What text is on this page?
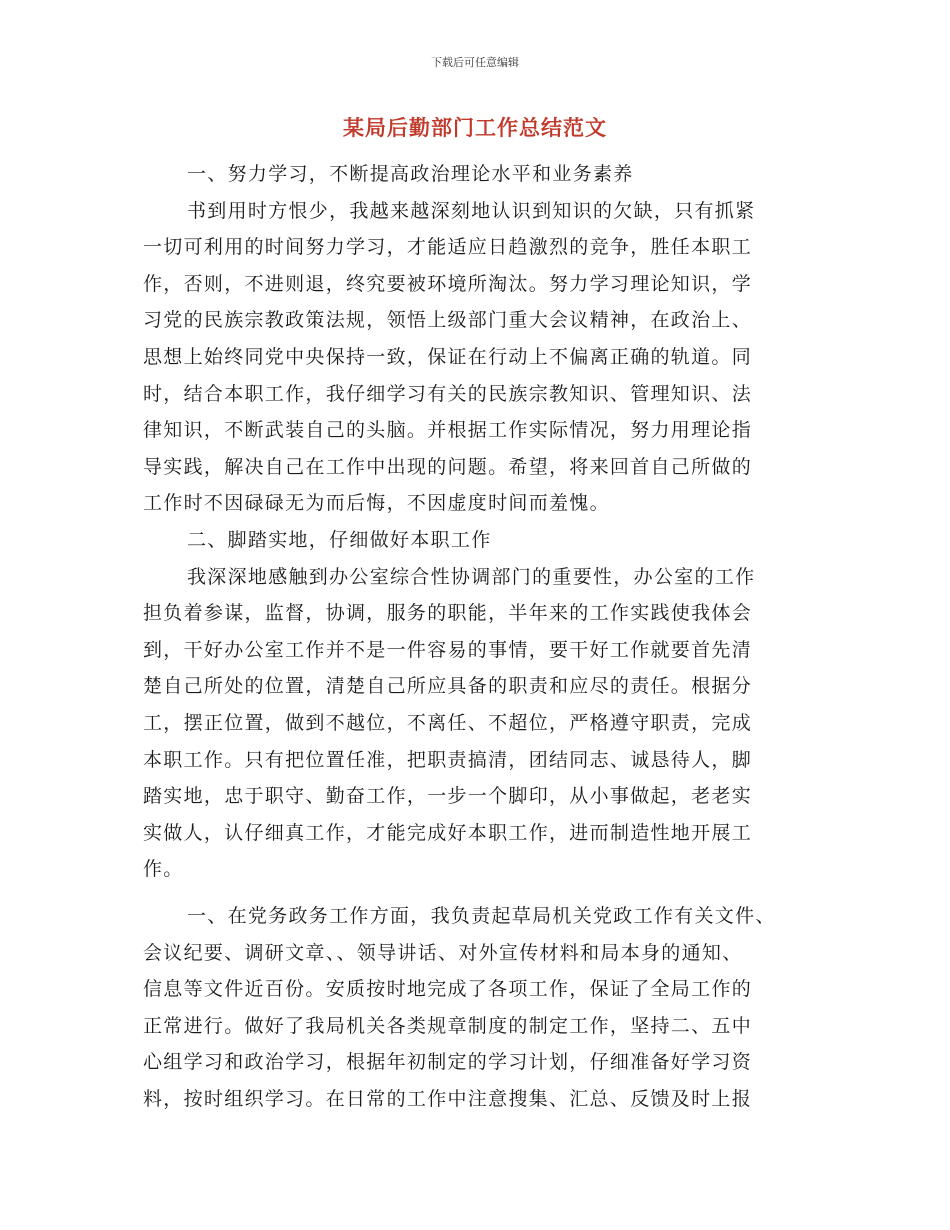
下载后可任意编辑
某局后勤部门工作总结范文
一、努力学习，不断提高政治理论水平和业务素养
书到用时方恨少，我越来越深刻地认识到知识的欠缺，只有抓紧
一切可利用的时间努力学习，才能适应日趋激烈的竞争，胜任本职工
作，否则，不进则退，终究要被环境所淘汰。努力学习理论知识，学
习党的民族宗教政策法规，领悟上级部门重大会议精神，在政治上、
思想上始终同党中央保持一致，保证在行动上不偏离正确的轨道。同
时，结合本职工作，我仔细学习有关的民族宗教知识、管理知识、法
律知识，不断武装自己的头脑。并根据工作实际情况，努力用理论指
导实践，解决自己在工作中出现的问题。希望，将来回首自己所做的
工作时不因碌碌无为而后悔，不因虚度时间而羞愧。
二、脚踏实地，仔细做好本职工作
我深深地感触到办公室综合性协调部门的重要性，办公室的工作
担负着参谋，监督，协调，服务的职能，半年来的工作实践使我体会
到，干好办公室工作并不是一件容易的事情，要干好工作就要首先清
楚自己所处的位置，清楚自己所应具备的职责和应尽的责任。根据分
工，摆正位置，做到不越位，不离任、不超位，严格遵守职责，完成
本职工作。只有把位置任准，把职责搞清，团结同志、诚恳待人，脚
踏实地，忠于职守、勤奋工作，一步一个脚印，从小事做起，老老实
实做人，认仔细真工作，才能完成好本职工作，进而制造性地开展工
作。
一、在党务政务工作方面，我负责起草局机关党政工作有关文件、
会议纪要、调研文章、、领导讲话、对外宣传材料和局本身的通知、
信息等文件近百份。安质按时地完成了各项工作，保证了全局工作的
正常进行。做好了我局机关各类规章制度的制定工作，坚持二、五中
心组学习和政治学习，根据年初制定的学习计划，仔细准备好学习资
料，按时组织学习。在日常的工作中注意搜集、汇总、反馈及时上报
